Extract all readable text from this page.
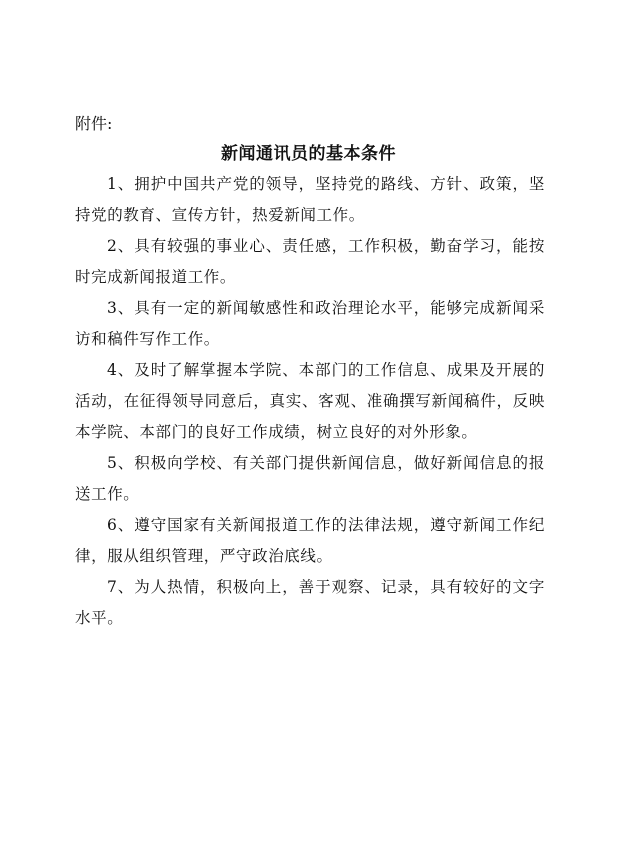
附件:
新闻通讯员的基本条件
1、拥护中国共产党的领导，坚持党的路线、方针、政策，坚持党的教育、宣传方针，热爱新闻工作。
2、具有较强的事业心、责任感，工作积极，勤奋学习，能按时完成新闻报道工作。
3、具有一定的新闻敏感性和政治理论水平，能够完成新闻采访和稿件写作工作。
4、及时了解掌握本学院、本部门的工作信息、成果及开展的活动，在征得领导同意后，真实、客观、准确撰写新闻稿件，反映本学院、本部门的良好工作成绩，树立良好的对外形象。
5、积极向学校、有关部门提供新闻信息，做好新闻信息的报送工作。
6、遵守国家有关新闻报道工作的法律法规，遵守新闻工作纪律，服从组织管理，严守政治底线。
7、为人热情，积极向上，善于观察、记录，具有较好的文字水平。
